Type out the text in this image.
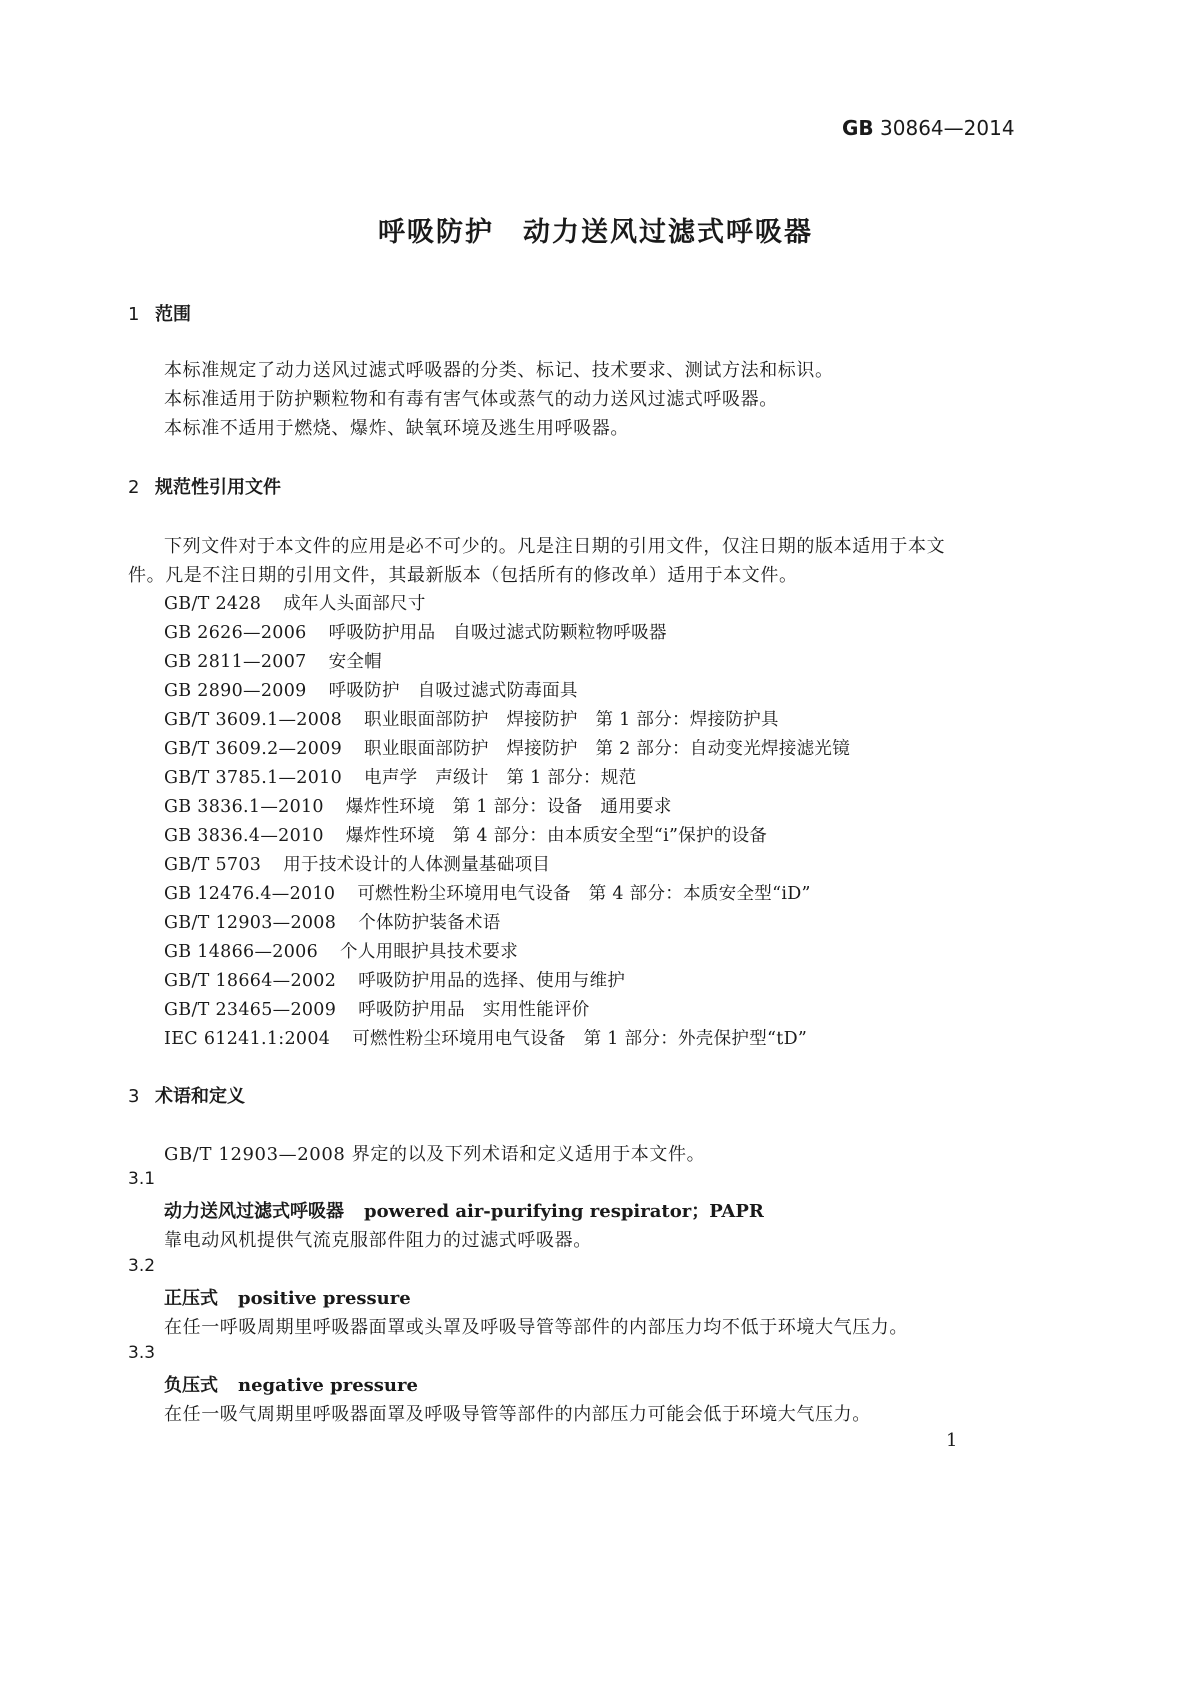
GB 30864—2014
呼吸防护　动力送风过滤式呼吸器
1 范围
本标准规定了动力送风过滤式呼吸器的分类、标记、技术要求、测试方法和标识。
本标准适用于防护颗粒物和有毒有害气体或蒸气的动力送风过滤式呼吸器。
本标准不适用于燃烧、爆炸、缺氧环境及逃生用呼吸器。
2 规范性引用文件
下列文件对于本文件的应用是必不可少的。凡是注日期的引用文件，仅注日期的版本适用于本文
件。凡是不注日期的引用文件，其最新版本（包括所有的修改单）适用于本文件。
GB/T 2428 成年人头面部尺寸
GB 2626—2006 呼吸防护用品　自吸过滤式防颗粒物呼吸器
GB 2811—2007 安全帽
GB 2890—2009 呼吸防护　自吸过滤式防毒面具
GB/T 3609.1—2008 职业眼面部防护　焊接防护　第 1 部分：焊接防护具
GB/T 3609.2—2009 职业眼面部防护　焊接防护　第 2 部分：自动变光焊接滤光镜
GB/T 3785.1—2010 电声学　声级计　第 1 部分：规范
GB 3836.1—2010 爆炸性环境　第 1 部分：设备　通用要求
GB 3836.4—2010 爆炸性环境　第 4 部分：由本质安全型“i”保护的设备
GB/T 5703 用于技术设计的人体测量基础项目
GB 12476.4—2010 可燃性粉尘环境用电气设备　第 4 部分：本质安全型“iD”
GB/T 12903—2008 个体防护装备术语
GB 14866—2006 个人用眼护具技术要求
GB/T 18664—2002 呼吸防护用品的选择、使用与维护
GB/T 23465—2009 呼吸防护用品　实用性能评价
IEC 61241.1:2004 可燃性粉尘环境用电气设备　第 1 部分：外壳保护型“tD”
3 术语和定义
GB/T 12903—2008 界定的以及下列术语和定义适用于本文件。
3.1
动力送风过滤式呼吸器 powered air-purifying respirator；PAPR
靠电动风机提供气流克服部件阻力的过滤式呼吸器。
3.2
正压式 positive pressure
在任一呼吸周期里呼吸器面罩或头罩及呼吸导管等部件的内部压力均不低于环境大气压力。
3.3
负压式 negative pressure
在任一吸气周期里呼吸器面罩及呼吸导管等部件的内部压力可能会低于环境大气压力。
1
